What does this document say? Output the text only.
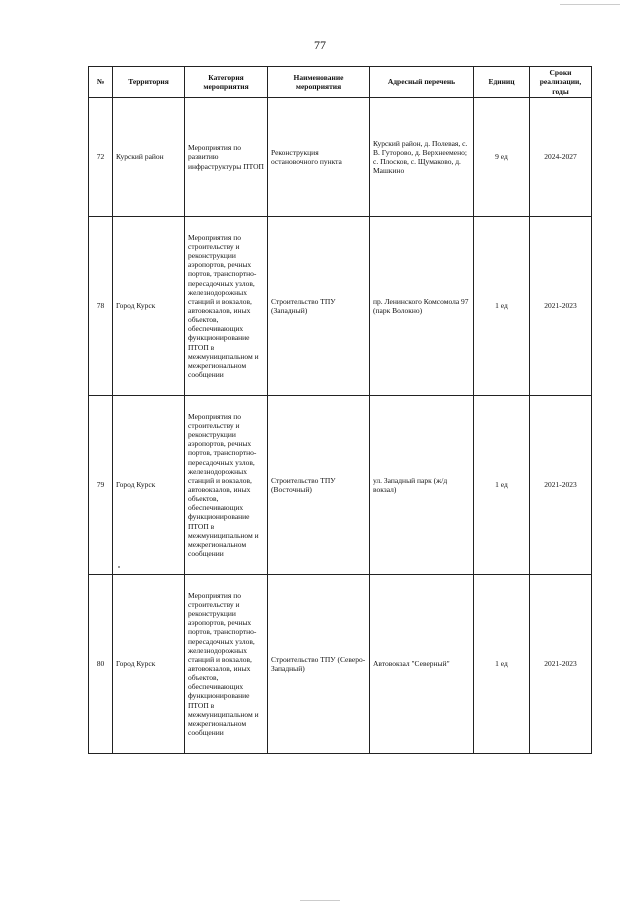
77
№	Территория	Категория мероприятия	Наименование мероприятия	Адресный перечень	Единиц	Сроки реализации, годы
72	Курский район	Мероприятия по развитию инфраструктуры ПТОП	Реконструкция остановочного пункта	Курский район, д. Полевая, с. В. Гуторово, д. Верхнеемено; с. Плосков, с. Щумаково, д. Машкино	9 ед	2024-2027
78	Город Курск	Мероприятия по строительству и реконструкции аэропортов, речных портов, транспортно-пересадочных узлов, железнодорожных станций и вокзалов, автовокзалов, иных объектов, обеспечивающих функционирование ПТОП в межмуниципальном и межрегиональном сообщении	Строительство ТПУ (Западный)	пр. Ленинского Комсомола 97 (парк Волокно)	1 ед	2021-2023
79	Город Курск	Мероприятия по строительству и реконструкции аэропортов, речных портов, транспортно-пересадочных узлов, железнодорожных станций и вокзалов, автовокзалов, иных объектов, обеспечивающих функционирование ПТОП в межмуниципальном и межрегиональном сообщении	Строительство ТПУ (Восточный)	ул. Западный парк (ж/д вокзал)	1 ед	2021-2023
80	Город Курск	Мероприятия по строительству и реконструкции аэропортов, речных портов, транспортно-пересадочных узлов, железнодорожных станций и вокзалов, автовокзалов, иных объектов, обеспечивающих функционирование ПТОП в межмуниципальном и межрегиональном сообщении	Строительство ТПУ (Северо-Западный)	Автовокзал "Северный"	1 ед	2021-2023
